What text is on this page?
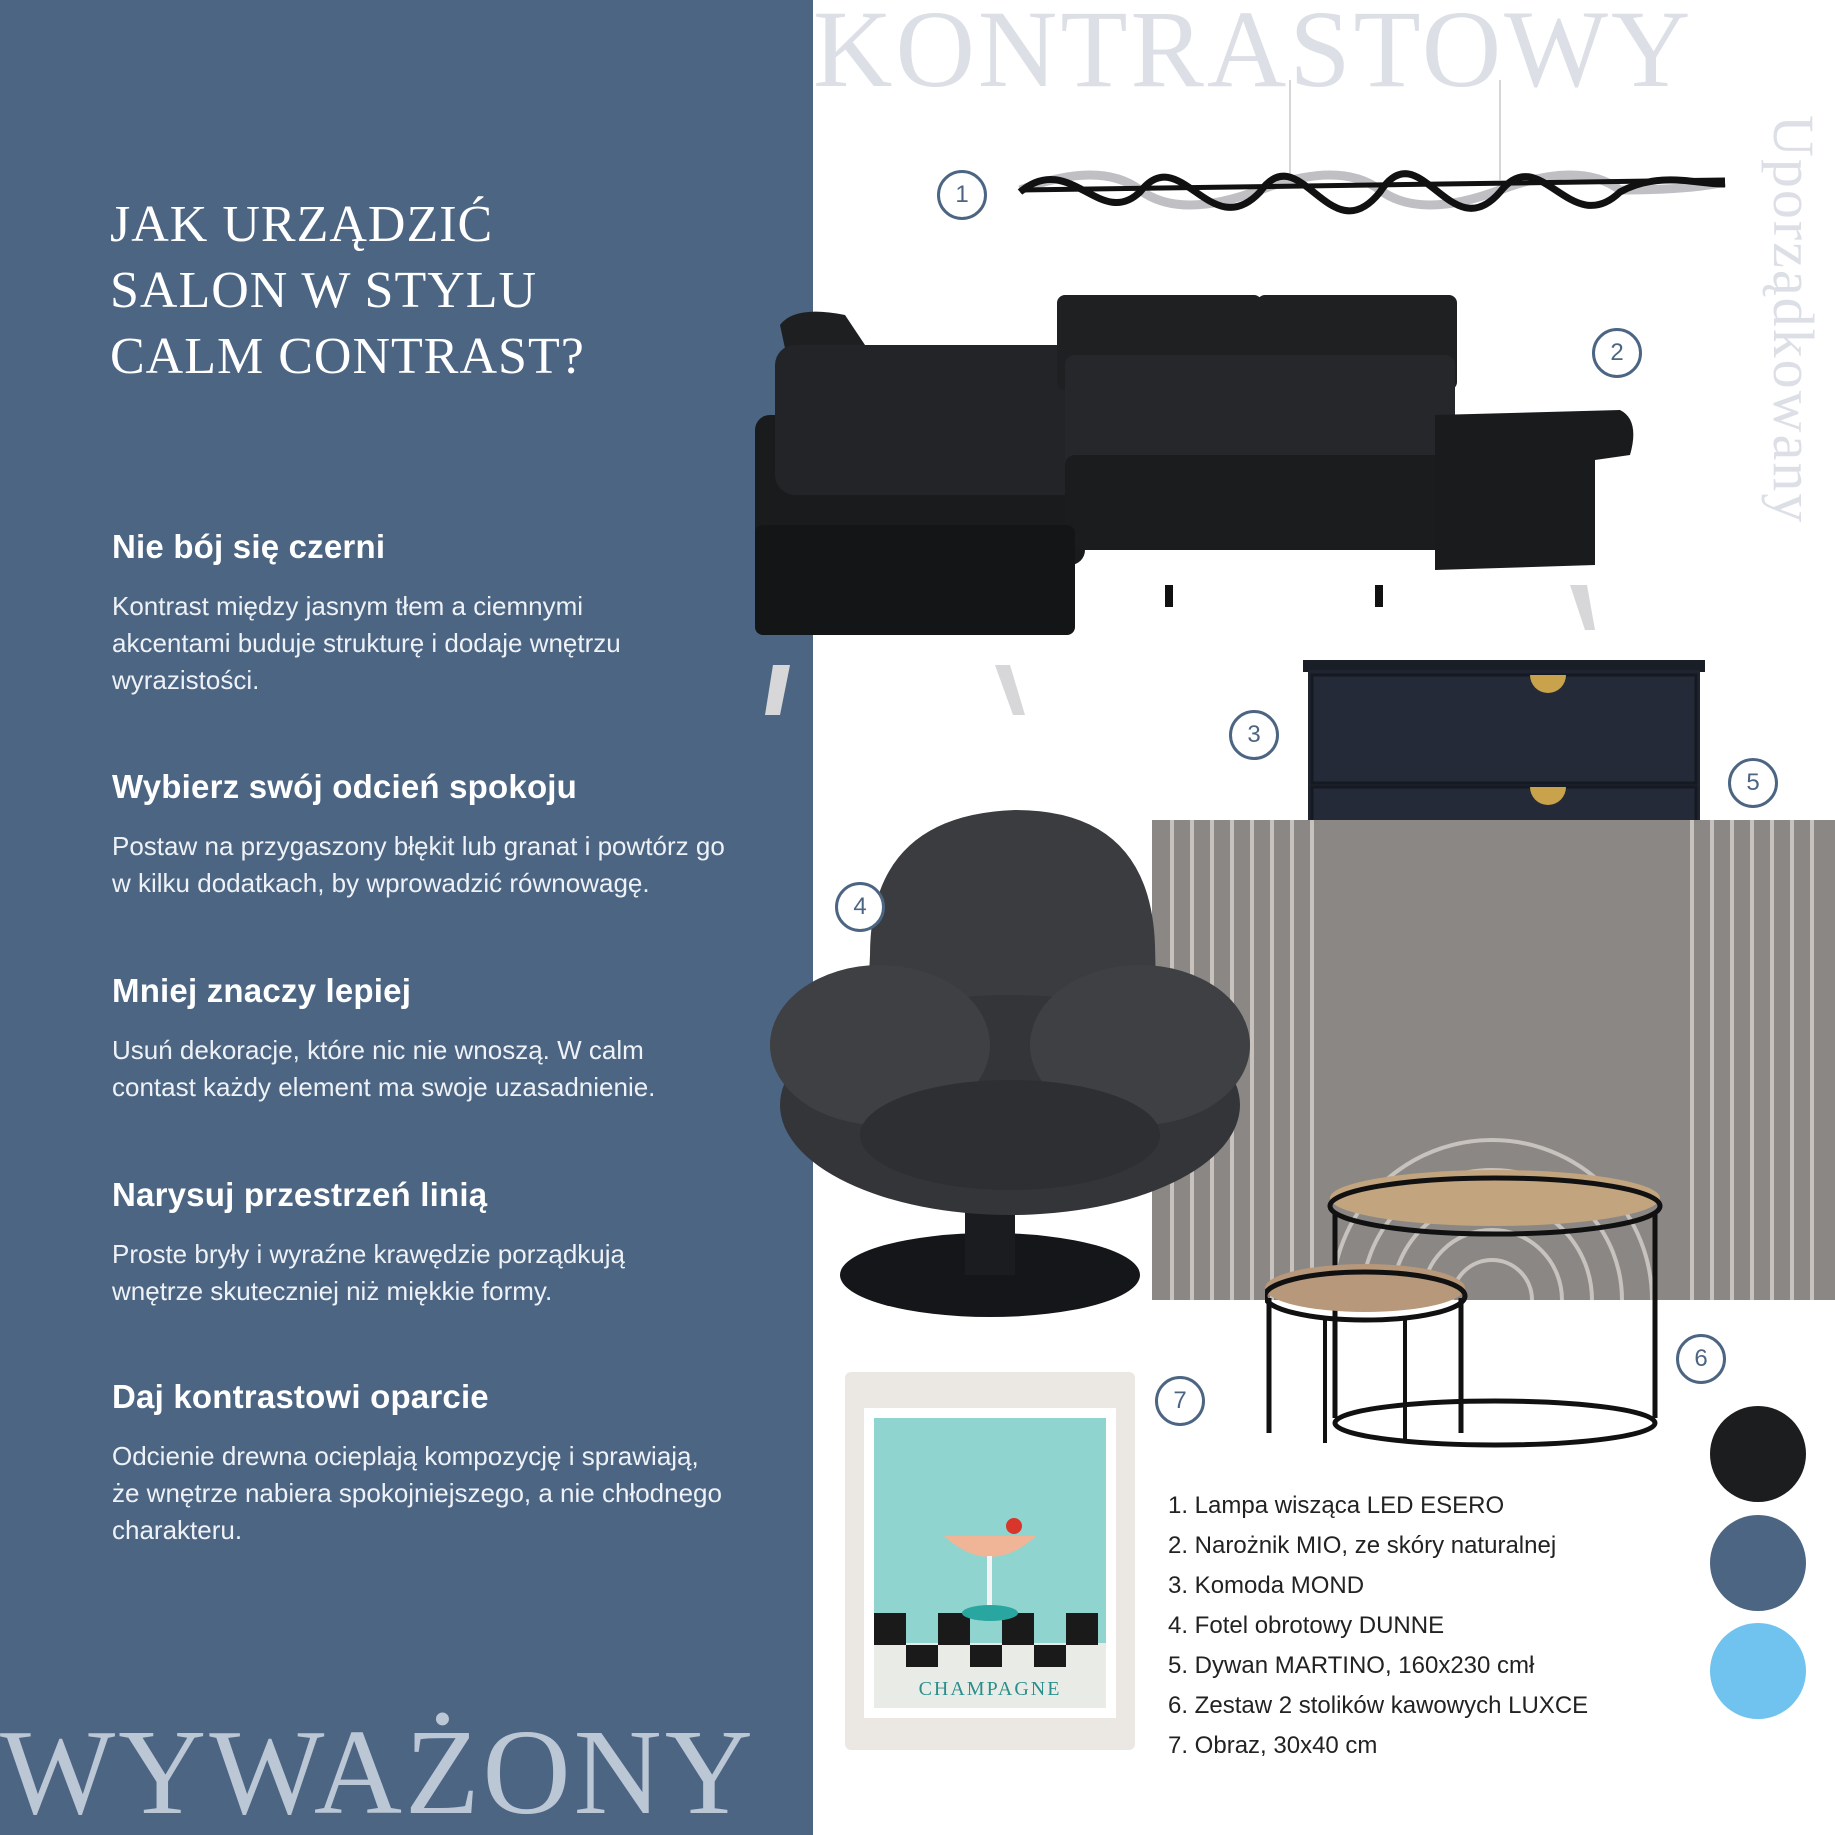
JAK URZĄDZIĆ
SALON W STYLU
CALM CONTRAST?
Nie bój się czerni

Kontrast między jasnym tłem a ciemnymi
akcentami buduje strukturę i dodaje wnętrzu
wyrazistości.

Wybierz swój odcień spokoju

Postaw na przygaszony błękit lub granat i powtórz go
w kilku dodatkach, by wprowadzić równowagę.

Mniej znaczy lepiej

Usuń dekoracje, które nic nie wnoszą. W calm
contast każdy element ma swoje uzasadnienie.

Narysuj przestrzeń linią

Proste bryły i wyraźne krawędzie porządkują
wnętrze skuteczniej niż miękkie formy.

Daj kontrastowi oparcie

Odcienie drewna ocieplają kompozycję i sprawiają,
że wnętrze nabiera spokojniejszego, a nie chłodnego
charakteru.

WYWAŻONY
KONTRASTOWY
Uporządkowany
CHAMPAGNE
1
2
3
4
5
6
7
1. Lampa wisząca LED ESERO
2. Narożnik MIO, ze skóry naturalnej
3. Komoda MOND
4. Fotel obrotowy DUNNE
5. Dywan MARTINO, 160x230 cmł
6. Zestaw 2 stolików kawowych LUXCE
7. Obraz, 30x40 cm
